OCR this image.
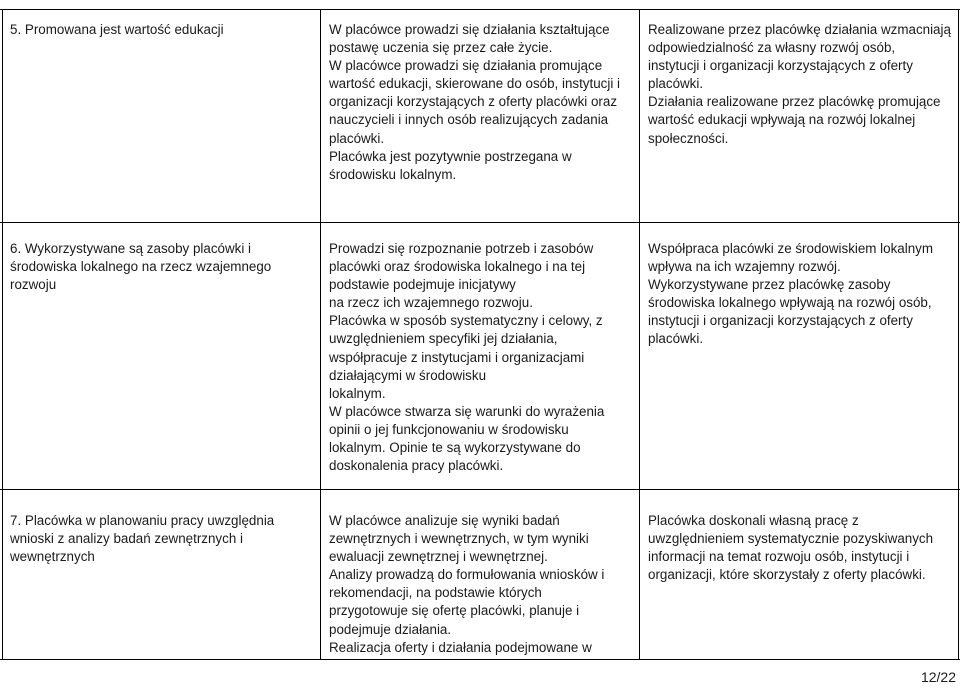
5. Promowana jest wartość edukacji	W placówce prowadzi się działania kształtujące
postawę uczenia się przez całe życie.
W placówce prowadzi się działania promujące
wartość edukacji, skierowane do osób, instytucji i
organizacji korzystających z oferty placówki oraz
nauczycieli i innych osób realizujących zadania
placówki.
Placówka jest pozytywnie postrzegana w
środowisku lokalnym.
Realizowane przez placówkę działania wzmacniają
odpowiedzialność za własny rozwój osób,
instytucji i organizacji korzystających z oferty
placówki.
Działania realizowane przez placówkę promujące
wartość edukacji wpływają na rozwój lokalnej
społeczności.
6. Wykorzystywane są zasoby placówki i
środowiska lokalnego na rzecz wzajemnego
rozwoju
Prowadzi się rozpoznanie potrzeb i zasobów
placówki oraz środowiska lokalnego i na tej
podstawie podejmuje inicjatywy
na rzecz ich wzajemnego rozwoju.
Placówka w sposób systematyczny i celowy, z
uwzględnieniem specyfiki jej działania,
współpracuje z instytucjami i organizacjami
działającymi w środowisku
lokalnym.
W placówce stwarza się warunki do wyrażenia
opinii o jej funkcjonowaniu w środowisku
lokalnym. Opinie te są wykorzystywane do
doskonalenia pracy placówki.
Współpraca placówki ze środowiskiem lokalnym
wpływa na ich wzajemny rozwój.
Wykorzystywane przez placówkę zasoby
środowiska lokalnego wpływają na rozwój osób,
instytucji i organizacji korzystających z oferty
placówki.
7. Placówka w planowaniu pracy uwzględnia
wnioski z analizy badań zewnętrznych i
wewnętrznych
W placówce analizuje się wyniki badań
zewnętrznych i wewnętrznych, w tym wyniki
ewaluacji zewnętrznej i wewnętrznej.
Analizy prowadzą do formułowania wniosków i
rekomendacji, na podstawie których
przygotowuje się ofertę placówki, planuje i
podejmuje działania.
Realizacja oferty i działania podejmowane w
Placówka doskonali własną pracę z
uwzględnieniem systematycznie pozyskiwanych
informacji na temat rozwoju osób, instytucji i
organizacji, które skorzystały z oferty placówki.
12/22
